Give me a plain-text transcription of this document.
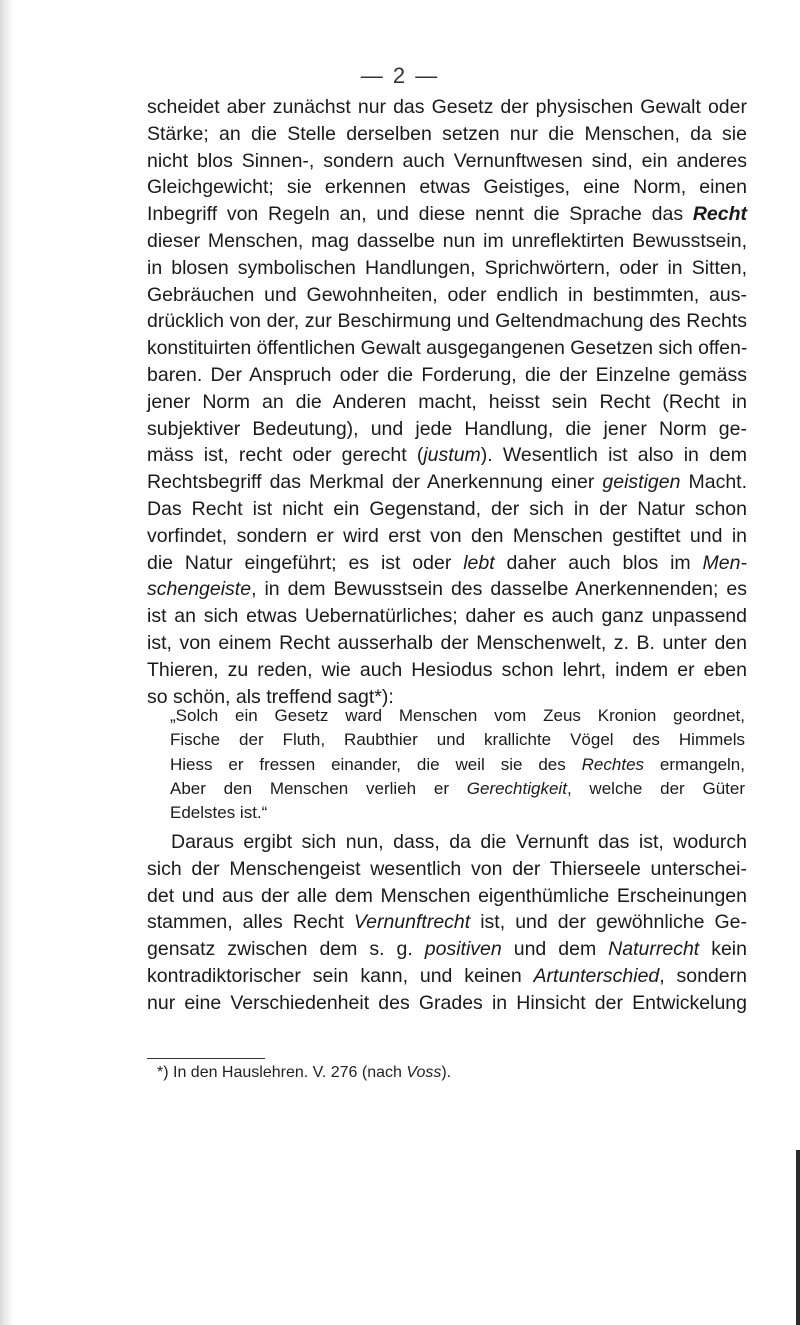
— 2 —
scheidet aber zunächst nur das Gesetz der physischen Gewalt oder
Stärke; an die Stelle derselben setzen nur die Menschen, da sie
nicht blos Sinnen-, sondern auch Vernunftwesen sind, ein anderes
Gleichgewicht; sie erkennen etwas Geistiges, eine Norm, einen
Inbegriff von Regeln an, und diese nennt die Sprache das Recht
dieser Menschen, mag dasselbe nun im unreflektirten Bewusstsein,
in blosen symbolischen Handlungen, Sprichwörtern, oder in Sitten,
Gebräuchen und Gewohnheiten, oder endlich in bestimmten, aus-
drücklich von der, zur Beschirmung und Geltendmachung des Rechts
konstituirten öffentlichen Gewalt ausgegangenen Gesetzen sich offen-
baren. Der Anspruch oder die Forderung, die der Einzelne gemäss
jener Norm an die Anderen macht, heisst sein Recht (Recht in
subjektiver Bedeutung), und jede Handlung, die jener Norm ge-
mäss ist, recht oder gerecht (justum). Wesentlich ist also in dem
Rechtsbegriff das Merkmal der Anerkennung einer geistigen Macht.
Das Recht ist nicht ein Gegenstand, der sich in der Natur schon
vorfindet, sondern er wird erst von den Menschen gestiftet und in
die Natur eingeführt; es ist oder lebt daher auch blos im Men-
schengeiste, in dem Bewusstsein des dasselbe Anerkennenden; es
ist an sich etwas Uebernatürliches; daher es auch ganz unpassend
ist, von einem Recht ausserhalb der Menschenwelt, z. B. unter den
Thieren, zu reden, wie auch Hesiodus schon lehrt, indem er eben
so schön, als treffend sagt*):
„Solch ein Gesetz ward Menschen vom Zeus Kronion geordnet,
Fische der Fluth, Raubthier und krallichte Vögel des Himmels
Hiess er fressen einander, die weil sie des Rechtes ermangeln,
Aber den Menschen verlieh er Gerechtigkeit, welche der Güter
Edelstes ist.“
Daraus ergibt sich nun, dass, da die Vernunft das ist, wodurch
sich der Menschengeist wesentlich von der Thierseele unterschei-
det und aus der alle dem Menschen eigenthümliche Erscheinungen
stammen, alles Recht Vernunftrecht ist, und der gewöhnliche Ge-
gensatz zwischen dem s. g. positiven und dem Naturrecht kein
kontradiktorischer sein kann, und keinen Artunterschied, sondern
nur eine Verschiedenheit des Grades in Hinsicht der Entwickelung
*) In den Hauslehren. V. 276 (nach Voss).
